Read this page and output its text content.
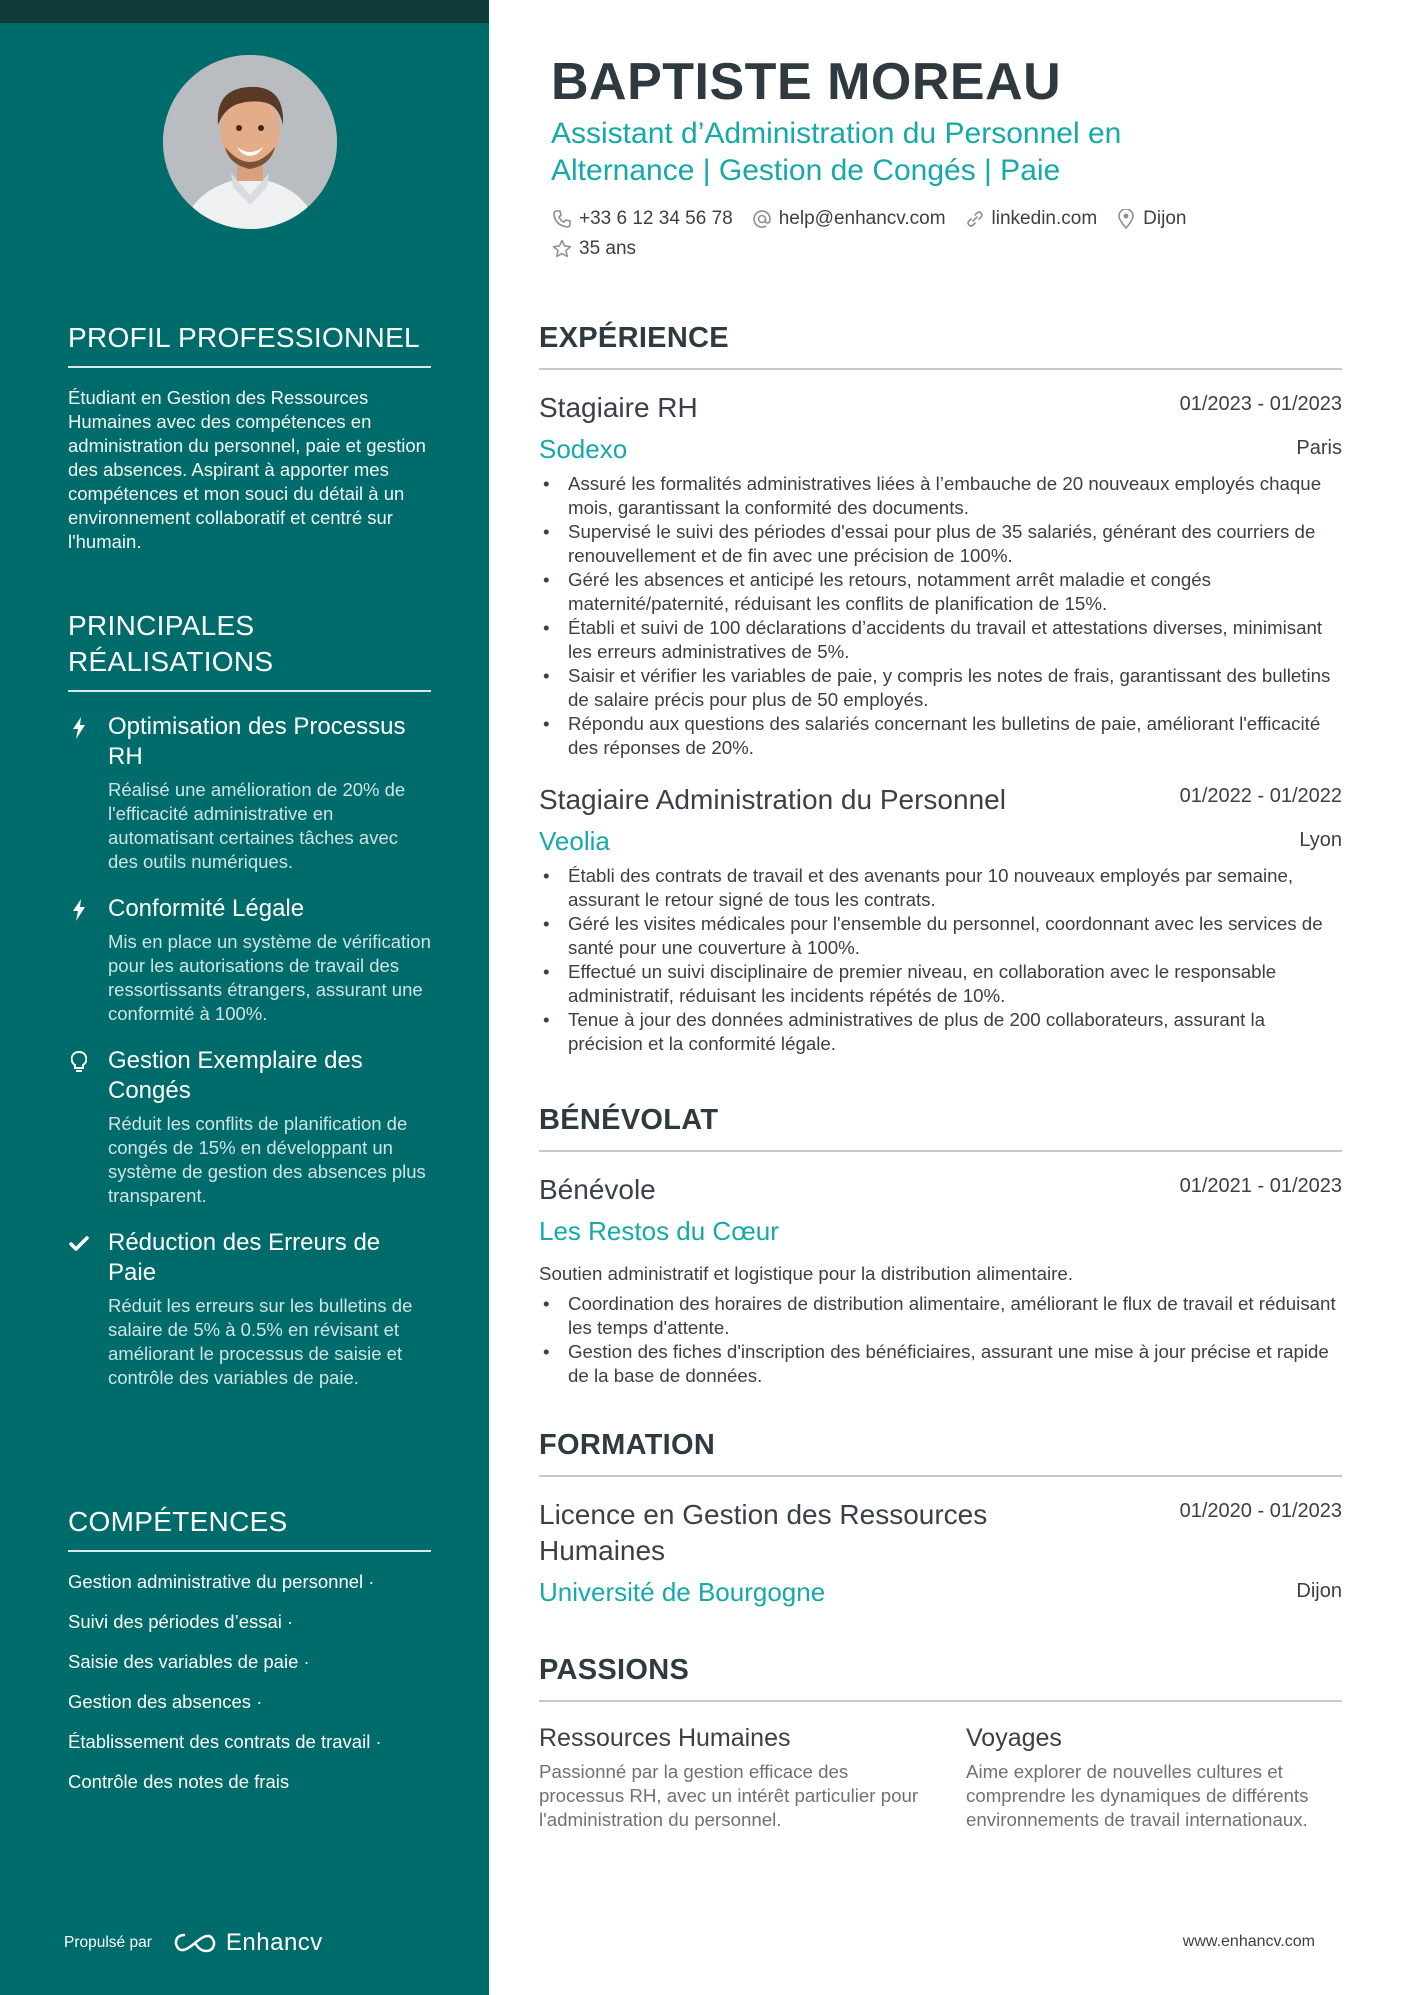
PROFIL PROFESSIONNEL

Étudiant en Gestion des Ressources Humaines avec des compétences en administration du personnel, paie et gestion des absences. Aspirant à apporter mes compétences et mon souci du détail à un environnement collaboratif et centré sur l'humain.

PRINCIPALES RÉALISATIONS
Optimisation des Processus RH
Réalisé une amélioration de 20% de l'efficacité administrative en automatisant certaines tâches avec des outils numériques.
Conformité Légale
Mis en place un système de vérification pour les autorisations de travail des ressortissants étrangers, assurant une conformité à 100%.
Gestion Exemplaire des Congés
Réduit les conflits de planification de congés de 15% en développant un système de gestion des absences plus transparent.
Réduction des Erreurs de Paie
Réduit les erreurs sur les bulletins de salaire de 5% à 0.5% en révisant et améliorant le processus de saisie et contrôle des variables de paie.
COMPÉTENCES
Gestion administrative du personnel ·
Suivi des périodes d’essai ·
Saisie des variables de paie ·
Gestion des absences ·
Établissement des contrats de travail ·
Contrôle des notes de frais
Propulsé par	Enhancv
BAPTISTE MOREAU
Assistant d’Administration du Personnel en Alternance | Gestion de Congés | Paie
+33 6 12 34 56 78 help@enhancv.com linkedin.com Dijon
35 ans
EXPÉRIENCE
Stagiaire RH	01/2023 - 01/2023
Sodexo	Paris
• Assuré les formalités administratives liées à l’embauche de 20 nouveaux employés chaque mois, garantissant la conformité des documents.
• Supervisé le suivi des périodes d'essai pour plus de 35 salariés, générant des courriers de renouvellement et de fin avec une précision de 100%.
• Géré les absences et anticipé les retours, notamment arrêt maladie et congés maternité/paternité, réduisant les conflits de planification de 15%.
• Établi et suivi de 100 déclarations d’accidents du travail et attestations diverses, minimisant les erreurs administratives de 5%.
• Saisir et vérifier les variables de paie, y compris les notes de frais, garantissant des bulletins de salaire précis pour plus de 50 employés.
• Répondu aux questions des salariés concernant les bulletins de paie, améliorant l'efficacité des réponses de 20%.
Stagiaire Administration du Personnel	01/2022 - 01/2022
Veolia	Lyon
• Établi des contrats de travail et des avenants pour 10 nouveaux employés par semaine, assurant le retour signé de tous les contrats.
• Géré les visites médicales pour l'ensemble du personnel, coordonnant avec les services de santé pour une couverture à 100%.
• Effectué un suivi disciplinaire de premier niveau, en collaboration avec le responsable administratif, réduisant les incidents répétés de 10%.
• Tenue à jour des données administratives de plus de 200 collaborateurs, assurant la précision et la conformité légale.
BÉNÉVOLAT
Bénévole	01/2021 - 01/2023
Les Restos du Cœur
Soutien administratif et logistique pour la distribution alimentaire.
• Coordination des horaires de distribution alimentaire, améliorant le flux de travail et réduisant les temps d'attente.
• Gestion des fiches d'inscription des bénéficiaires, assurant une mise à jour précise et rapide de la base de données.
FORMATION
Licence en Gestion des Ressources Humaines
01/2020 - 01/2023
Université de Bourgogne	Dijon
PASSIONS
Ressources Humaines
Passionné par la gestion efficace des processus RH, avec un intérêt particulier pour l'administration du personnel.
Voyages
Aime explorer de nouvelles cultures et comprendre les dynamiques de différents environnements de travail internationaux.
www.enhancv.com
